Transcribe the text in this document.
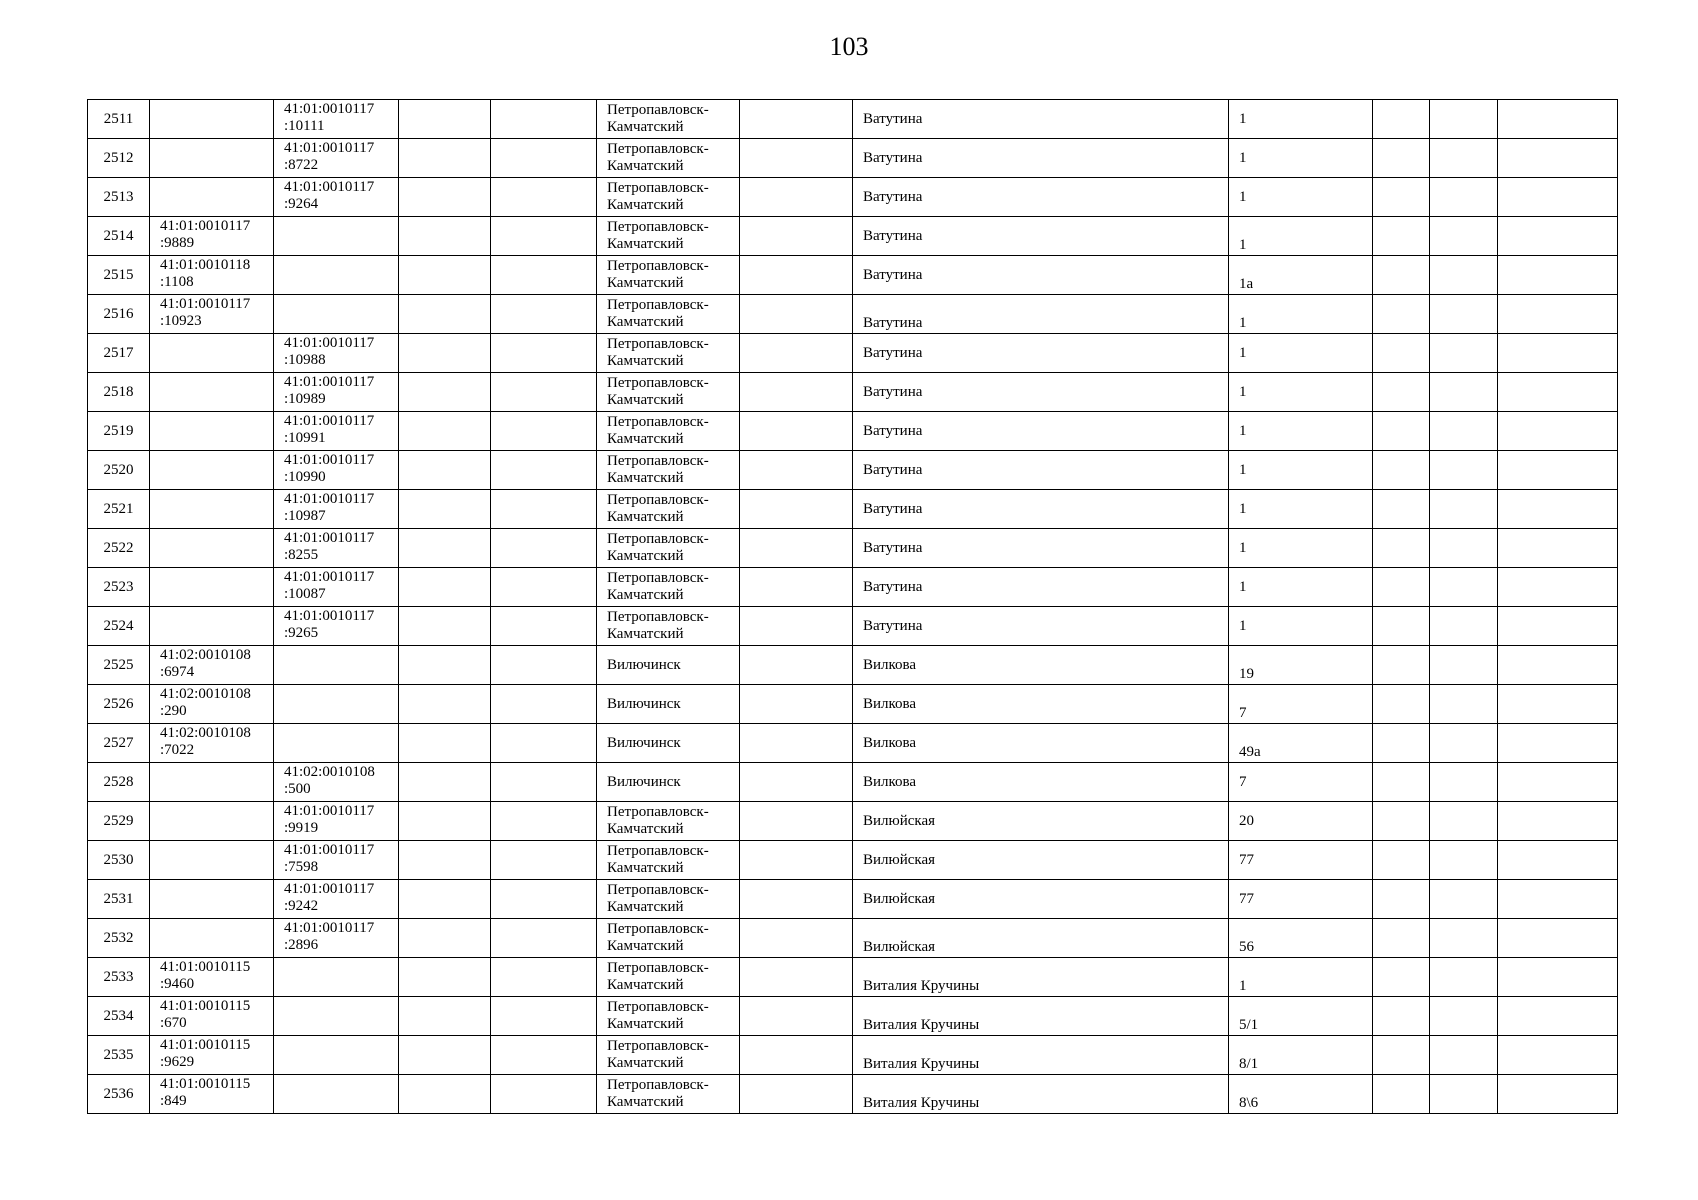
103
2511		41:01:0010117
:10111			Петропавловск-
Камчатский		Ватутина	1			
2512		41:01:0010117
:8722			Петропавловск-
Камчатский		Ватутина	1			
2513		41:01:0010117
:9264			Петропавловск-
Камчатский		Ватутина	1			
2514	41:01:0010117
:9889				Петропавловск-
Камчатский		Ватутина	1			
2515	41:01:0010118
:1108				Петропавловск-
Камчатский		Ватутина	1а			
2516	41:01:0010117
:10923				Петропавловск-
Камчатский		Ватутина	1			
2517		41:01:0010117
:10988			Петропавловск-
Камчатский		Ватутина	1			
2518		41:01:0010117
:10989			Петропавловск-
Камчатский		Ватутина	1			
2519		41:01:0010117
:10991			Петропавловск-
Камчатский		Ватутина	1			
2520		41:01:0010117
:10990			Петропавловск-
Камчатский		Ватутина	1			
2521		41:01:0010117
:10987			Петропавловск-
Камчатский		Ватутина	1			
2522		41:01:0010117
:8255			Петропавловск-
Камчатский		Ватутина	1			
2523		41:01:0010117
:10087			Петропавловск-
Камчатский		Ватутина	1			
2524		41:01:0010117
:9265			Петропавловск-
Камчатский		Ватутина	1			
2525	41:02:0010108
:6974				Вилючинск		Вилкова	19			
2526	41:02:0010108
:290				Вилючинск		Вилкова	7			
2527	41:02:0010108
:7022				Вилючинск		Вилкова	49а			
2528		41:02:0010108
:500			Вилючинск		Вилкова	7			
2529		41:01:0010117
:9919			Петропавловск-
Камчатский		Вилюйская	20			
2530		41:01:0010117
:7598			Петропавловск-
Камчатский		Вилюйская	77			
2531		41:01:0010117
:9242			Петропавловск-
Камчатский		Вилюйская	77			
2532		41:01:0010117
:2896			Петропавловск-
Камчатский		Вилюйская	56			
2533	41:01:0010115
:9460				Петропавловск-
Камчатский		Виталия Кручины	1			
2534	41:01:0010115
:670				Петропавловск-
Камчатский		Виталия Кручины	5/1			
2535	41:01:0010115
:9629				Петропавловск-
Камчатский		Виталия Кручины	8/1			
2536	41:01:0010115
:849				Петропавловск-
Камчатский		Виталия Кручины	8\6			
